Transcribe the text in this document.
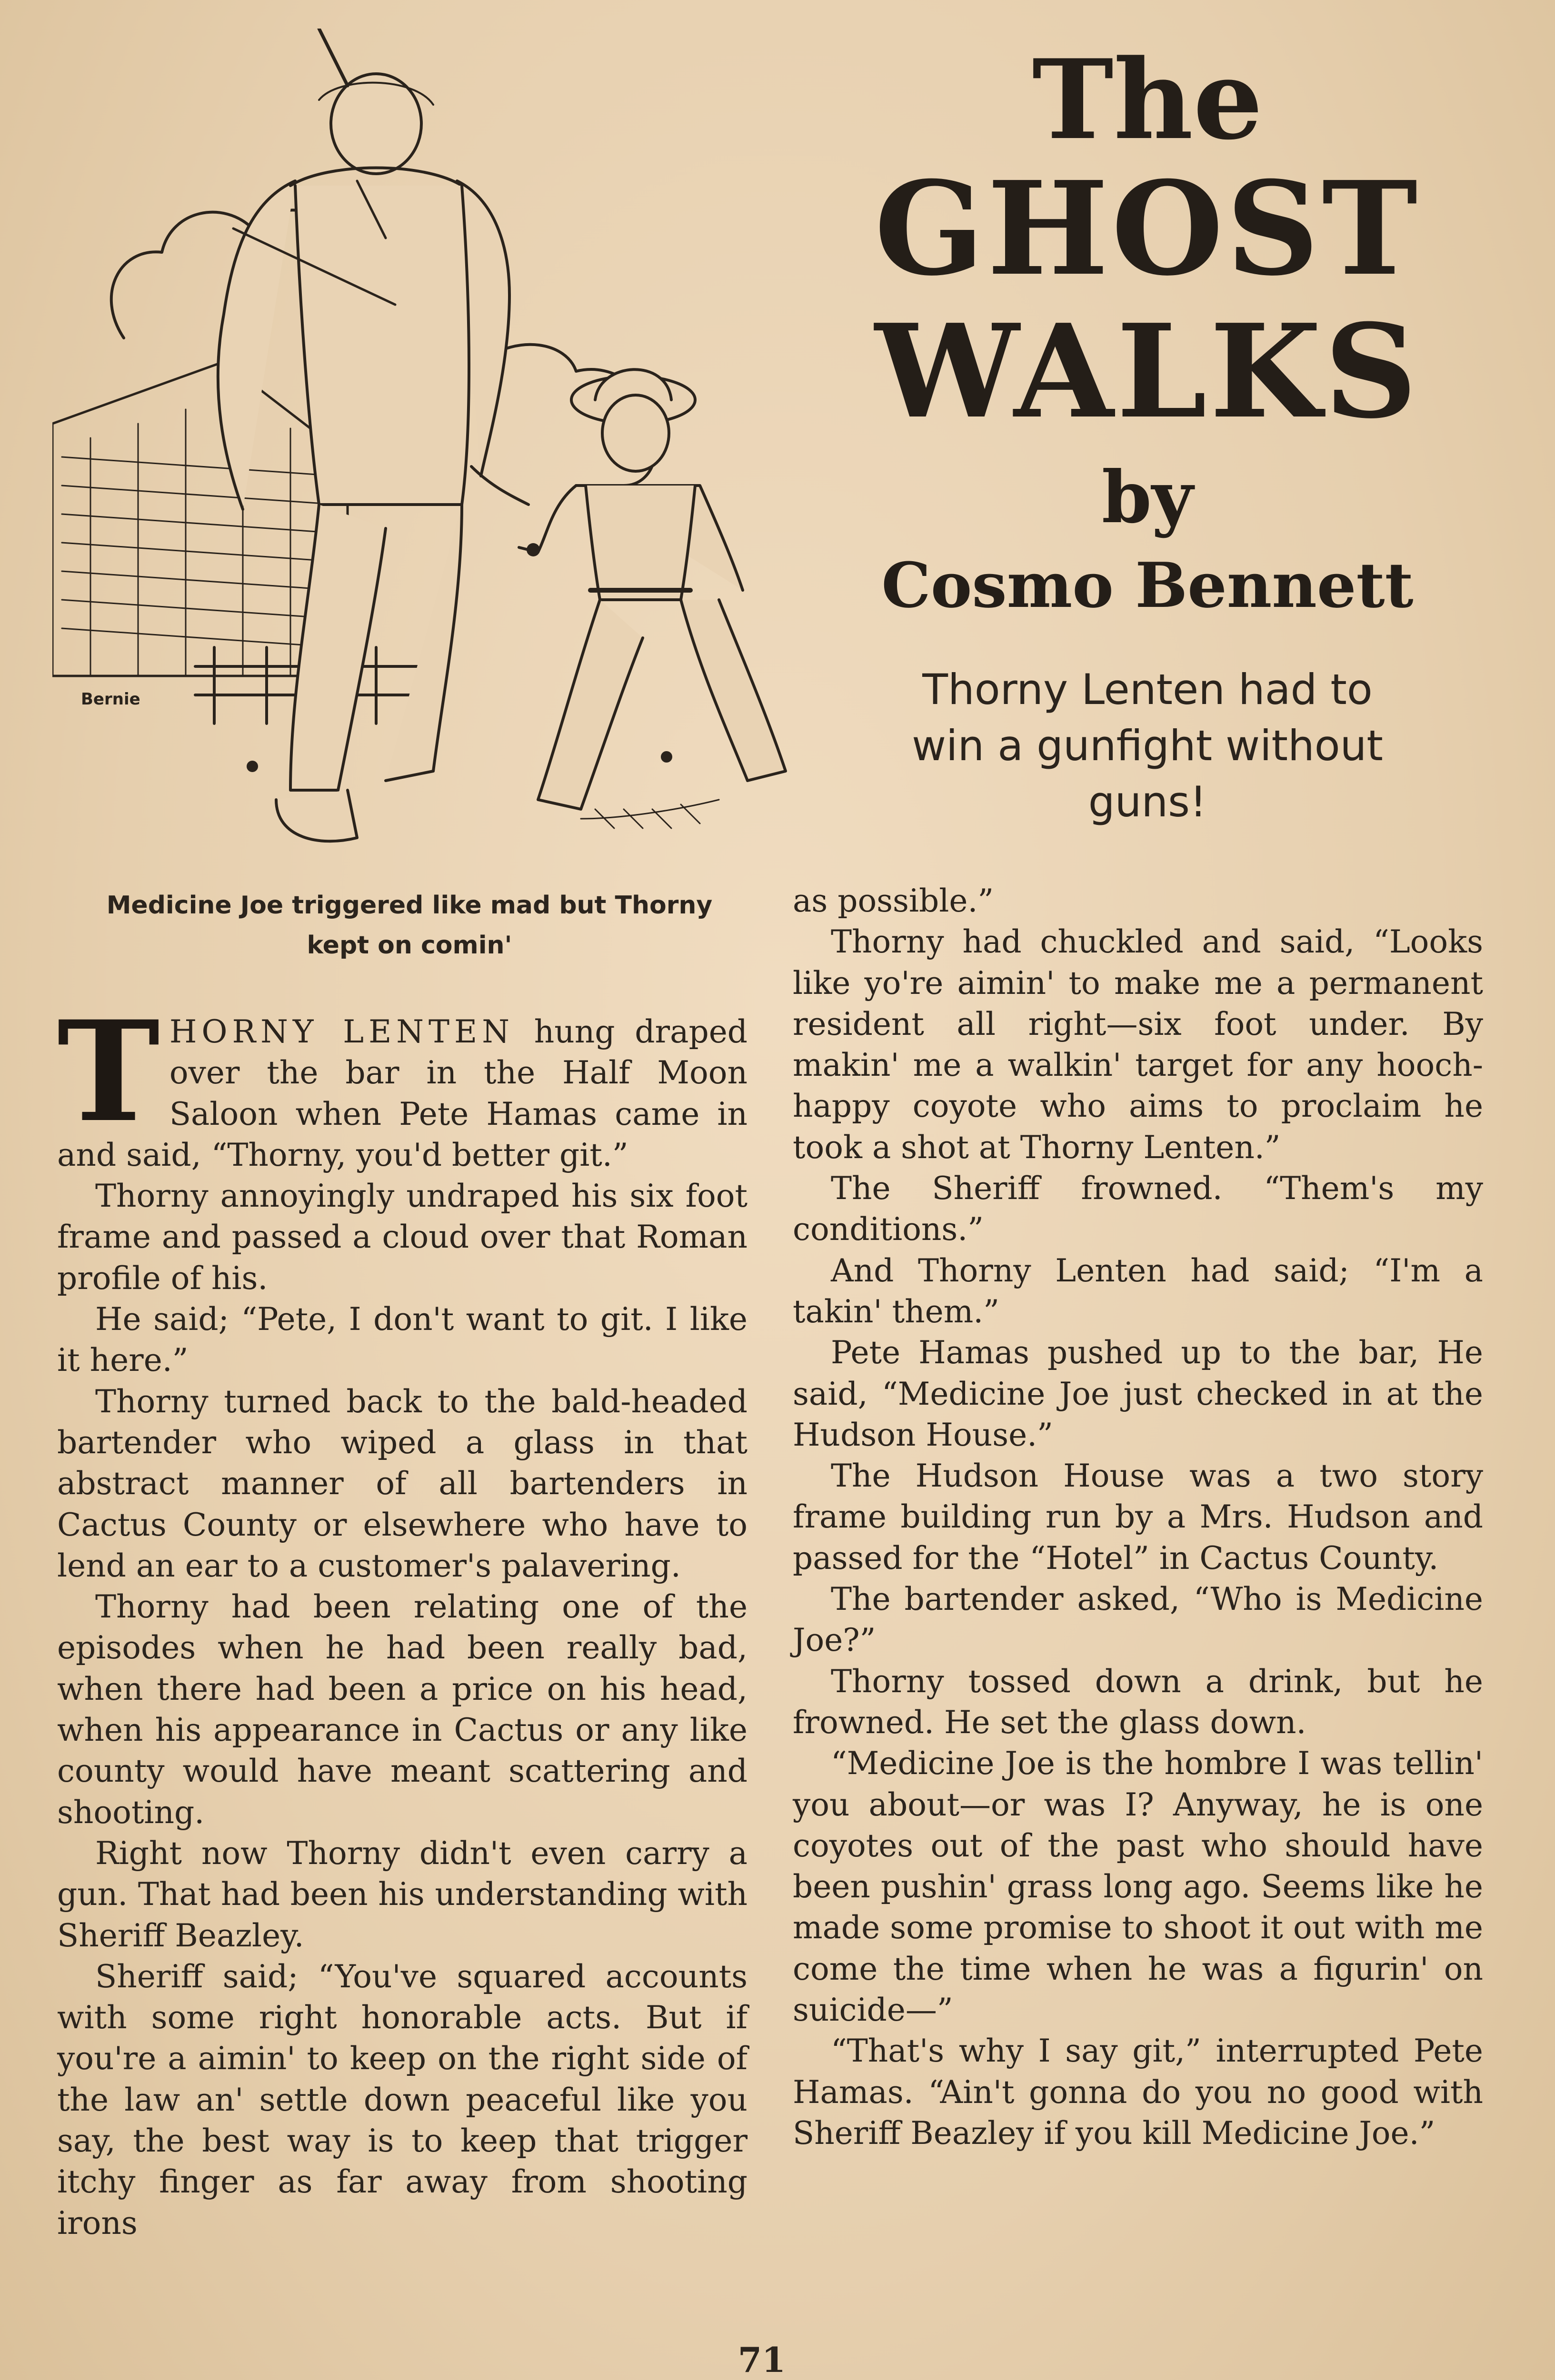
Bernie
Medicine Joe triggered like mad but Thorny
kept on comin'
The
GHOST
WALKS
by
Cosmo Bennett
Thorny Lenten had to
win a gunfight without
guns!

THORNY LENTEN hung draped over the bar in the Half Moon Saloon when Pete Hamas came in and said, “Thorny, you'd better git.”

Thorny annoyingly undraped his six foot frame and passed a cloud over that Roman profile of his.

He said; “Pete, I don't want to git. I like it here.”

Thorny turned back to the bald-headed bartender who wiped a glass in that abstract manner of all bartenders in Cactus County or elsewhere who have to lend an ear to a customer's palavering.

Thorny had been relating one of the episodes when he had been really bad, when there had been a price on his head, when his appearance in Cactus or any like county would have meant scattering and shooting.

Right now Thorny didn't even carry a gun. That had been his understanding with Sheriff Beazley.

Sheriff said; “You've squared accounts with some right honorable acts. But if you're a aimin' to keep on the right side of the law an' settle down peaceful like you say, the best way is to keep that trigger itchy finger as far away from shooting irons

as possible.”

Thorny had chuckled and said, “Looks like yo're aimin' to make me a permanent resident all right—six foot under. By makin' me a walkin' target for any hooch-happy coyote who aims to proclaim he took a shot at Thorny Lenten.”

The Sheriff frowned. “Them's my conditions.”

And Thorny Lenten had said; “I'm a takin' them.”

Pete Hamas pushed up to the bar, He said, “Medicine Joe just checked in at the Hudson House.”

The Hudson House was a two story frame building run by a Mrs. Hudson and passed for the “Hotel” in Cactus County.

The bartender asked, “Who is Medicine Joe?”

Thorny tossed down a drink, but he frowned. He set the glass down.

“Medicine Joe is the hombre I was tellin' you about—or was I? Anyway, he is one coyotes out of the past who should have been pushin' grass long ago. Seems like he made some promise to shoot it out with me come the time when he was a figurin' on suicide—”

“That's why I say git,” interrupted Pete Hamas. “Ain't gonna do you no good with Sheriff Beazley if you kill Medicine Joe.”

71
